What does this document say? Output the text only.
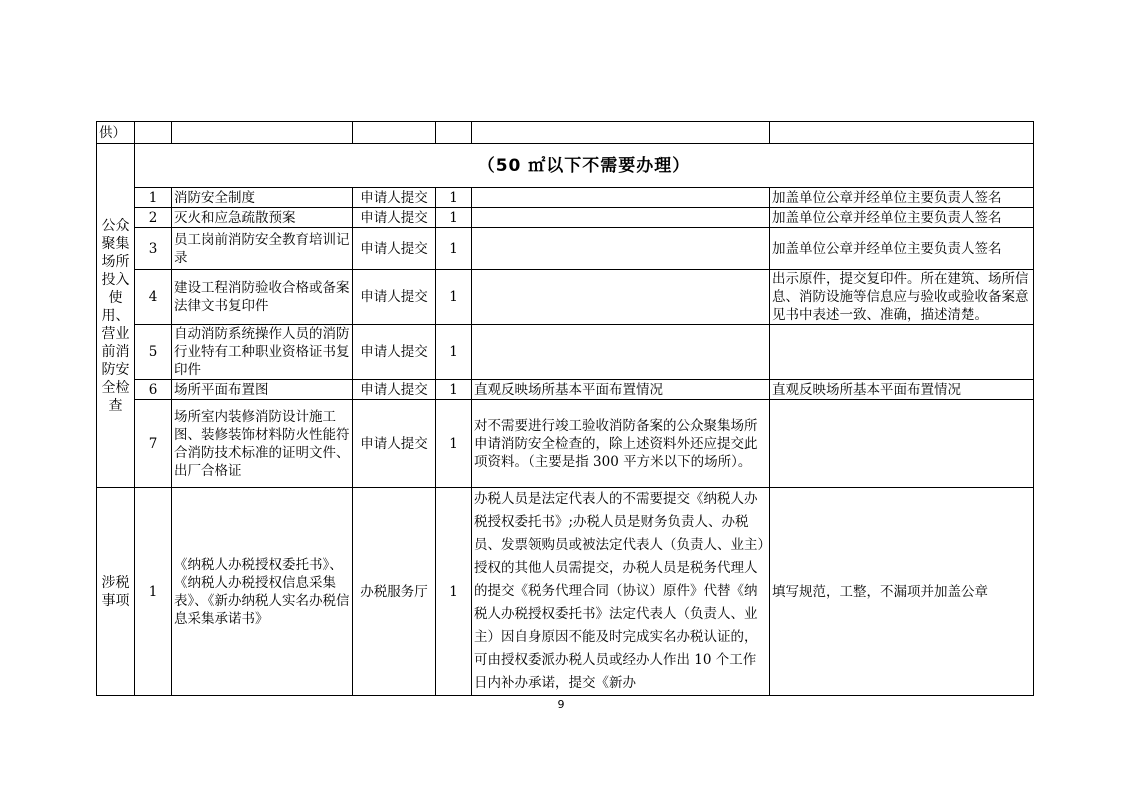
供）						
公众聚集场所投入使用、营业前消防安全检查	（50 ㎡以下不需要办理）					
	1	消防安全制度	申请人提交	1		加盖单位公章并经单位主要负责人签名
	2	灭火和应急疏散预案	申请人提交	1		加盖单位公章并经单位主要负责人签名
	3	员工岗前消防安全教育培训记录	申请人提交	1		加盖单位公章并经单位主要负责人签名
	4	建设工程消防验收合格或备案法律文书复印件	申请人提交	1		出示原件，提交复印件。所在建筑、场所信息、消防设施等信息应与验收或验收备案意见书中表述一致、准确，描述清楚。
	5	自动消防系统操作人员的消防行业特有工种职业资格证书复印件	申请人提交	1		
	6	场所平面布置图	申请人提交	1	直观反映场所基本平面布置情况	直观反映场所基本平面布置情况
	7	场所室内装修消防设计施工图、装修装饰材料防火性能符合消防技术标准的证明文件、出厂合格证	申请人提交	1	对不需要进行竣工验收消防备案的公众聚集场所申请消防安全检查的，除上述资料外还应提交此项资料。（主要是指 300 平方米以下的场所）。	
涉税事项	1	《纳税人办税授权委托书》、《纳税人办税授权信息采集表》、《新办纳税人实名办税信息采集承诺书》	办税服务厅	1	办税人员是法定代表人的不需要提交《纳税人办税授权委托书》;办税人员是财务负责人、办税员、发票领购员或被法定代表人（负责人、业主）授权的其他人员需提交，办税人员是税务代理人的提交《税务代理合同（协议）原件》代替《纳税人办税授权委托书》法定代表人（负责人、业主）因自身原因不能及时完成实名办税认证的，可由授权委派办税人员或经办人作出 10 个工作日内补办承诺，提交《新办	填写规范，工整，不漏项并加盖公章
9
